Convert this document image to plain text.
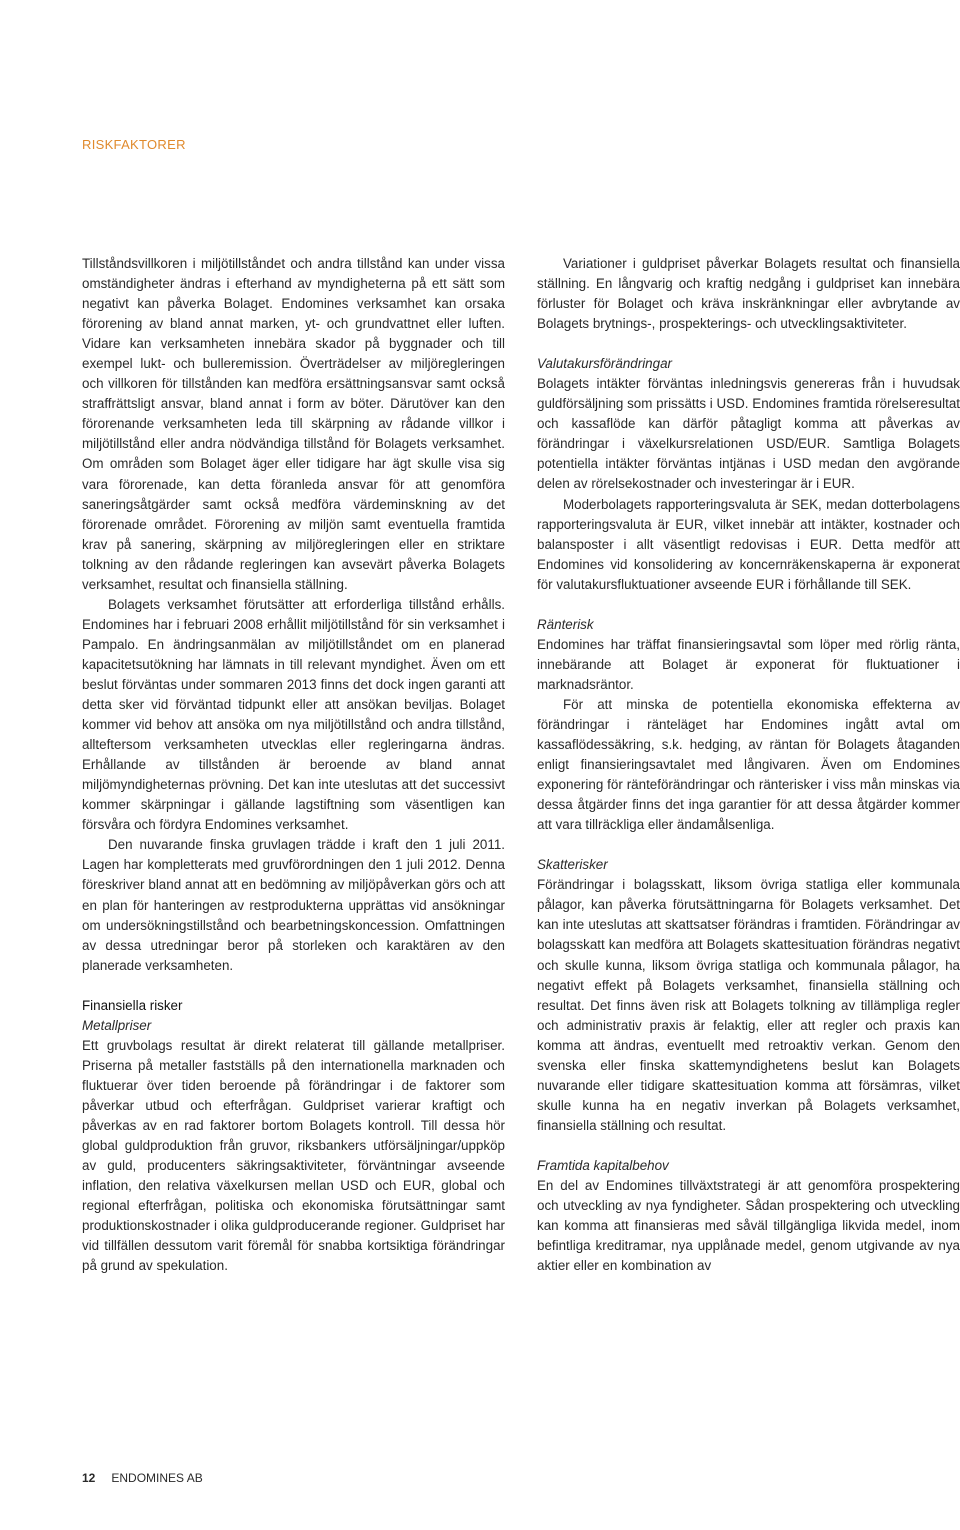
RISKFAKTORER

Tillståndsvillkoren i miljötillståndet och andra tillstånd kan under vissa omständigheter ändras i efterhand av myndigheterna på ett sätt som negativt kan påverka Bolaget. Endomines verksamhet kan orsaka förorening av bland annat marken, yt- och grundvattnet eller luften. Vidare kan verksamheten innebära skador på byggnader och till exempel lukt- och bulleremission. Överträdelser av miljöregleringen och villkoren för tillstånden kan medföra ersättningsansvar samt också straffrättsligt ansvar, bland annat i form av böter. Därutöver kan den förorenande verksamheten leda till skärpning av rådande villkor i miljötillstånd eller andra nödvändiga tillstånd för Bolagets verksamhet. Om områden som Bolaget äger eller tidigare har ägt skulle visa sig vara förorenade, kan detta föranleda ansvar för att genomföra saneringsåtgärder samt också medföra värdeminskning av det förorenade området. Förorening av miljön samt eventuella framtida krav på sanering, skärpning av miljöregleringen eller en striktare tolkning av den rådande regleringen kan avsevärt påverka Bolagets verksamhet, resultat och finansiella ställning.

Bolagets verksamhet förutsätter att erforderliga tillstånd erhålls. Endomines har i februari 2008 erhållit miljötillstånd för sin verksamhet i Pampalo. En ändringsanmälan av miljötillståndet om en planerad kapacitetsutökning har lämnats in till relevant myndighet. Även om ett beslut förväntas under sommaren 2013 finns det dock ingen garanti att detta sker vid förväntad tidpunkt eller att ansökan beviljas. Bolaget kommer vid behov att ansöka om nya miljötillstånd och andra tillstånd, allteftersom verksamheten utvecklas eller regleringarna ändras. Erhållande av tillstånden är beroende av bland annat miljömyndigheternas prövning. Det kan inte uteslutas att det successivt kommer skärpningar i gällande lagstiftning som väsentligen kan försvåra och fördyra Endomines verksamhet.

Den nuvarande finska gruvlagen trädde i kraft den 1 juli 2011. Lagen har kompletterats med gruvförordningen den 1 juli 2012. Denna föreskriver bland annat att en bedömning av miljöpåverkan görs och att en plan för hanteringen av restprodukterna upprättas vid ansökningar om undersökningstillstånd och bearbetningskoncession. Omfattningen av dessa utredningar beror på storleken och karaktären av den planerade verksamheten.

Finansiella risker
Metallpriser

Ett gruvbolags resultat är direkt relaterat till gällande metallpriser. Priserna på metaller fastställs på den internationella marknaden och fluktuerar över tiden beroende på förändringar i de faktorer som påverkar utbud och efterfrågan. Guldpriset varierar kraftigt och påverkas av en rad faktorer bortom Bolagets kontroll. Till dessa hör global guldproduktion från gruvor, riksbankers utförsäljningar/uppköp av guld, producenters säkringsaktiviteter, förväntningar avseende inflation, den relativa växelkursen mellan USD och EUR, global och regional efterfrågan, politiska och ekonomiska förutsättningar samt produktionskostnader i olika guldproducerande regioner. Guldpriset har vid tillfällen dessutom varit föremål för snabba kortsiktiga förändringar på grund av spekulation.

Variationer i guldpriset påverkar Bolagets resultat och finansiella ställning. En långvarig och kraftig nedgång i guldpriset kan innebära förluster för Bolaget och kräva inskränkningar eller avbrytande av Bolagets brytnings-, prospekterings- och utvecklingsaktiviteter.

Valutakursförändringar

Bolagets intäkter förväntas inledningsvis genereras från i huvudsak guldförsäljning som prissätts i USD. Endomines framtida rörelseresultat och kassaflöde kan därför påtagligt komma att påverkas av förändringar i växelkursrelationen USD/EUR. Samtliga Bolagets potentiella intäkter förväntas intjänas i USD medan den avgörande delen av rörelsekostnader och investeringar är i EUR.

Moderbolagets rapporteringsvaluta är SEK, medan dotterbolagens rapporteringsvaluta är EUR, vilket innebär att intäkter, kostnader och balansposter i allt väsentligt redovisas i EUR. Detta medför att Endomines vid konsolidering av koncernräkenskaperna är exponerat för valutakursfluktuationer avseende EUR i förhållande till SEK.

Ränterisk

Endomines har träffat finansieringsavtal som löper med rörlig ränta, innebärande att Bolaget är exponerat för fluktuationer i marknadsräntor.

För att minska de potentiella ekonomiska effekterna av förändringar i ränteläget har Endomines ingått avtal om kassaflödessäkring, s.k. hedging, av räntan för Bolagets åtaganden enligt finansieringsavtalet med långivaren. Även om Endomines exponering för ränteförändringar och ränterisker i viss mån minskas via dessa åtgärder finns det inga garantier för att dessa åtgärder kommer att vara tillräckliga eller ändamålsenliga.

Skatterisker

Förändringar i bolagsskatt, liksom övriga statliga eller kommunala pålagor, kan påverka förutsättningarna för Bolagets verksamhet. Det kan inte uteslutas att skattsatser förändras i framtiden. Förändringar av bolagsskatt kan medföra att Bolagets skattesituation förändras negativt och skulle kunna, liksom övriga statliga och kommunala pålagor, ha negativt effekt på Bolagets verksamhet, finansiella ställning och resultat. Det finns även risk att Bolagets tolkning av tillämpliga regler och administrativ praxis är felaktig, eller att regler och praxis kan komma att ändras, eventuellt med retroaktiv verkan. Genom den svenska eller finska skattemyndighetens beslut kan Bolagets nuvarande eller tidigare skattesituation komma att försämras, vilket skulle kunna ha en negativ inverkan på Bolagets verksamhet, finansiella ställning och resultat.

Framtida kapitalbehov

En del av Endomines tillväxtstrategi är att genomföra prospektering och utveckling av nya fyndigheter. Sådan prospektering och utveckling kan komma att finansieras med såväl tillgängliga likvida medel, inom befintliga kreditramar, nya upplånade medel, genom utgivande av nya aktier eller en kombination av

12 ENDOMINES AB
